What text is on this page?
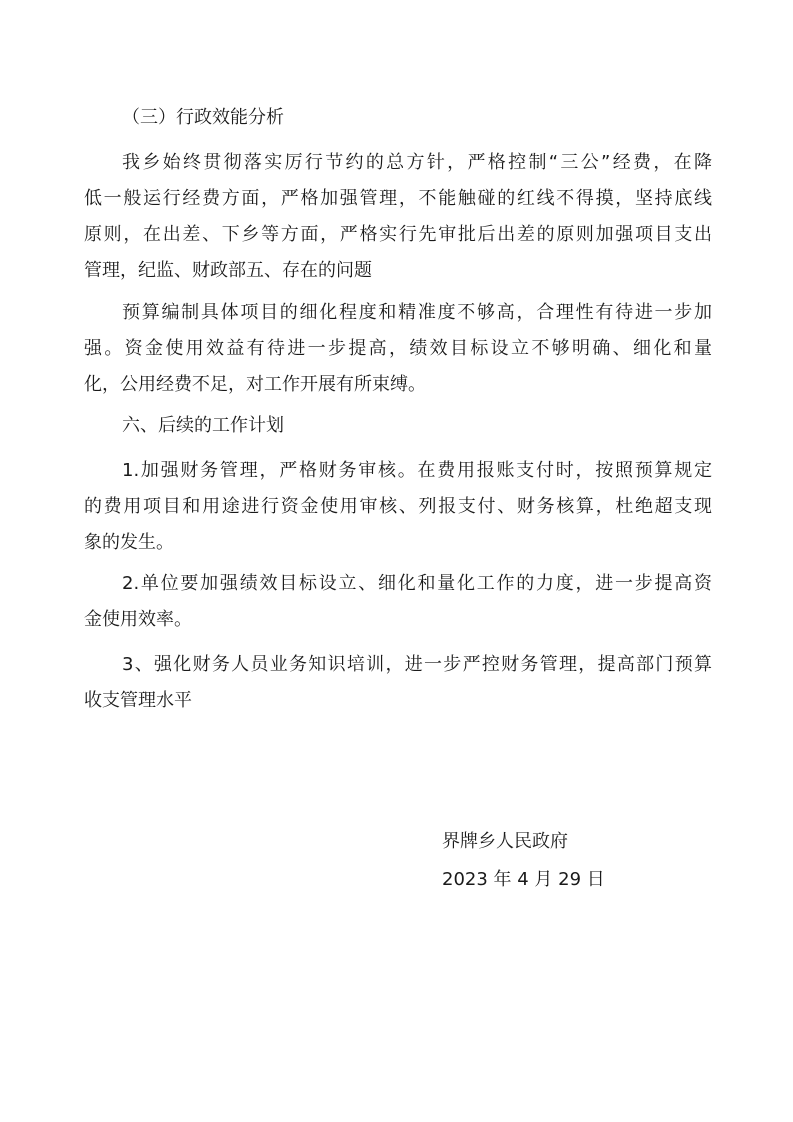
（三）行政效能分析
我乡始终贯彻落实厉行节约的总方针，严格控制“三公”经费，在降
低一般运行经费方面，严格加强管理，不能触碰的红线不得摸，坚持底线
原则，在出差、下乡等方面，严格实行先审批后出差的原则加强项目支出
管理，纪监、财政部五、存在的问题
预算编制具体项目的细化程度和精准度不够高，合理性有待进一步加
强。资金使用效益有待进一步提高，绩效目标设立不够明确、细化和量
化，公用经费不足，对工作开展有所束缚。
六、后续的工作计划
1.加强财务管理，严格财务审核。在费用报账支付时，按照预算规定
的费用项目和用途进行资金使用审核、列报支付、财务核算，杜绝超支现
象的发生。
2.单位要加强绩效目标设立、细化和量化工作的力度，进一步提高资
金使用效率。
3、强化财务人员业务知识培训，进一步严控财务管理，提高部门预算
收支管理水平
界牌乡人民政府
2023 年 4 月 29 日
